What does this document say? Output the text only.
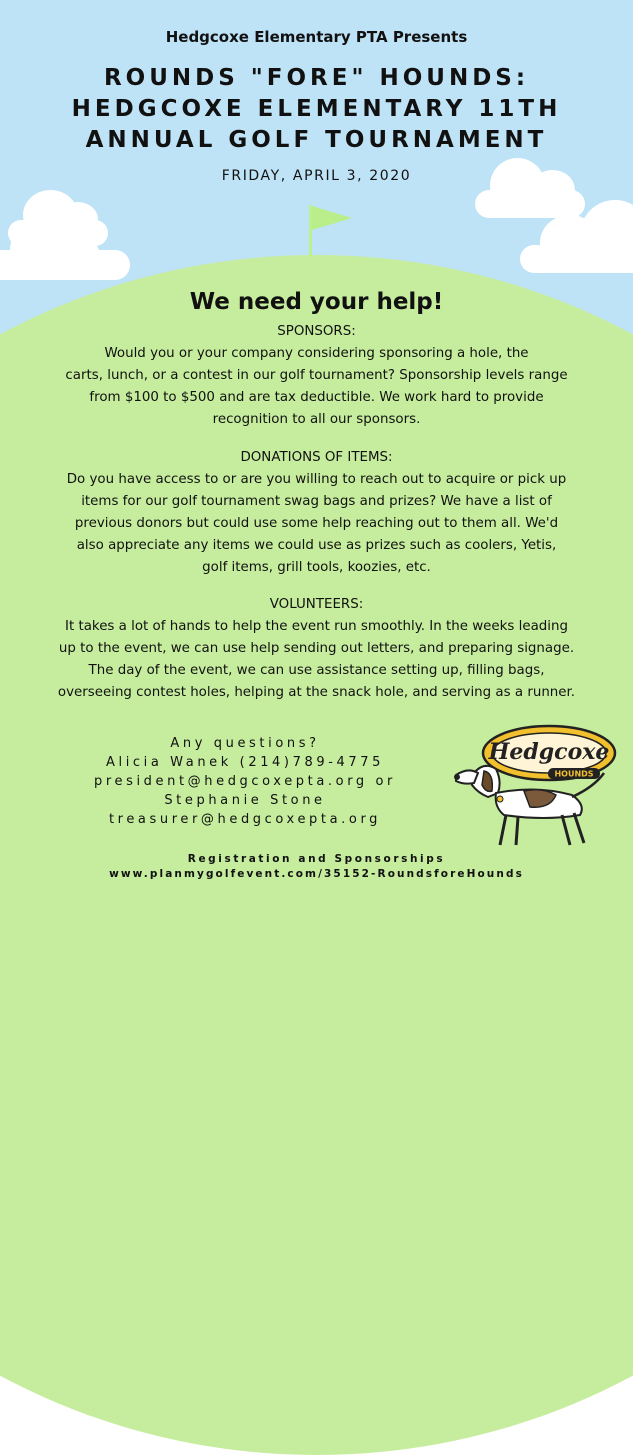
Hedgcoxe Elementary PTA Presents
ROUNDS "FORE" HOUNDS:
HEDGCOXE ELEMENTARY 11TH
ANNUAL GOLF TOURNAMENT
FRIDAY, APRIL 3, 2020
We need your help!

SPONSORS:

Would you or your company considering sponsoring a hole, the

carts, lunch, or a contest in our golf tournament? Sponsorship levels range

from $100 to $500 and are tax deductible. We work hard to provide

recognition to all our sponsors.

DONATIONS OF ITEMS:

Do you have access to or are you willing to reach out to acquire or pick up

items for our golf tournament swag bags and prizes? We have a list of

previous donors but could use some help reaching out to them all. We'd

also appreciate any items we could use as prizes such as coolers, Yetis,

golf items, grill tools, koozies, etc.

VOLUNTEERS:

It takes a lot of hands to help the event run smoothly. In the weeks leading

up to the event, we can use help sending out letters, and preparing signage.

The day of the event, we can use assistance setting up, filling bags,

overseeing contest holes, helping at the snack hole, and serving as a runner.

Any questions?
Alicia Wanek (214)789-4775
president@hedgcoxepta.org or
Stephanie Stone
treasurer@hedgcoxepta.org
Hedgcoxe
HOUNDS
Registration and Sponsorships
www.planmygolfevent.com/35152-RoundsforeHounds
